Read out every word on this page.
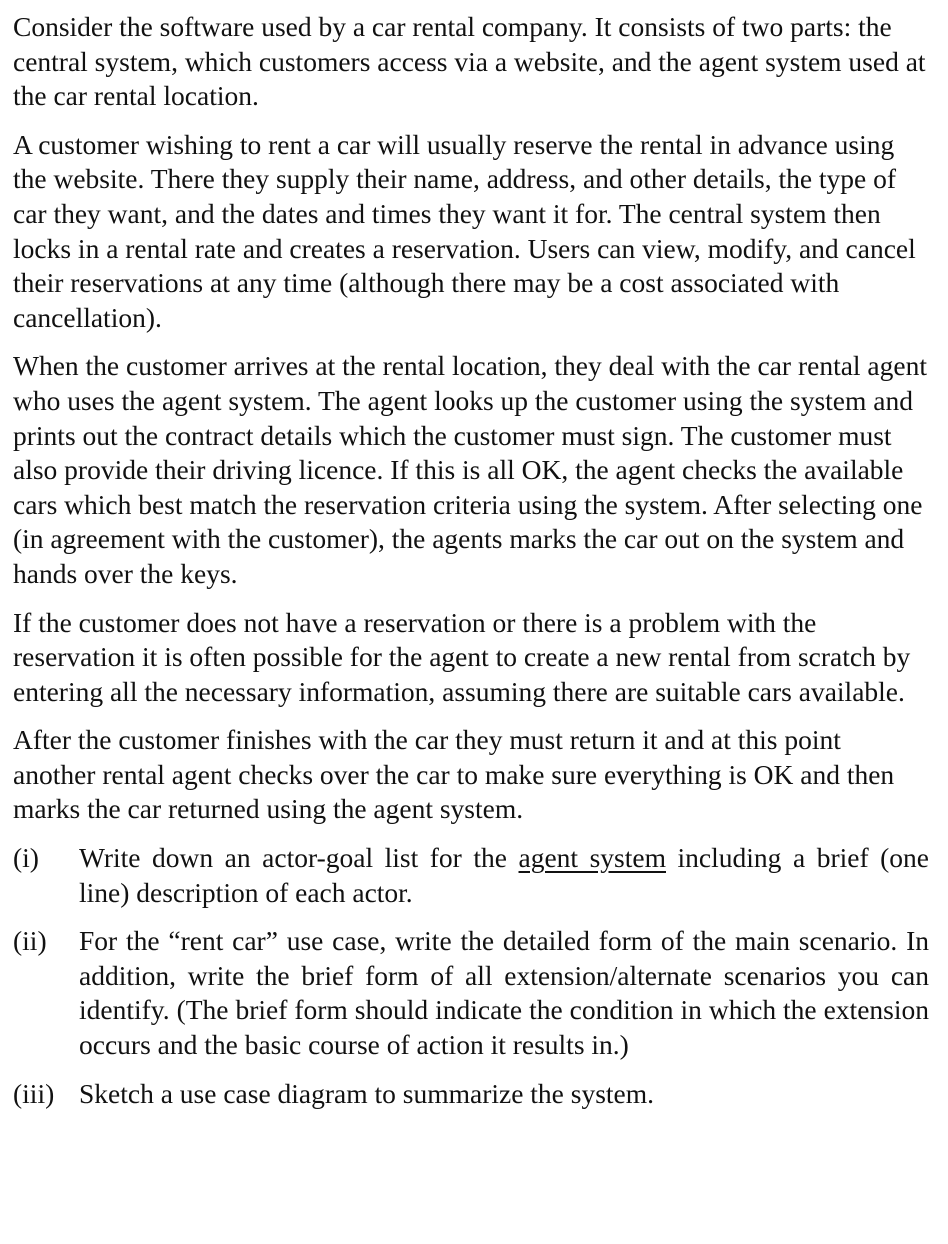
Consider the software used by a car rental company. It consists of two parts: the central system, which customers access via a website, and the agent system used at the car rental location.

A customer wishing to rent a car will usually reserve the rental in advance using the website. There they supply their name, address, and other details, the type of car they want, and the dates and times they want it for. The central system then locks in a rental rate and creates a reservation. Users can view, modify, and cancel their reservations at any time (although there may be a cost associated with cancellation).

When the customer arrives at the rental location, they deal with the car rental agent who uses the agent system. The agent looks up the customer using the system and prints out the contract details which the customer must sign. The customer must also provide their driving licence. If this is all OK, the agent checks the available cars which best match the reservation criteria using the system. After selecting one (in agreement with the customer), the agents marks the car out on the system and hands over the keys.

If the customer does not have a reservation or there is a problem with the reservation it is often possible for the agent to create a new rental from scratch by entering all the necessary information, assuming there are suitable cars available.

After the customer finishes with the car they must return it and at this point another rental agent checks over the car to make sure everything is OK and then marks the car returned using the agent system.

(i)	Write down an actor-goal list for the agent system including a brief (one line) description of each actor.
(ii)	For the “rent car” use case, write the detailed form of the main scenario. In addition, write the brief form of all extension/alternate scenarios you can identify. (The brief form should indicate the condition in which the extension occurs and the basic course of action it results in.)
(iii) Sketch a use case diagram to summarize the system.
